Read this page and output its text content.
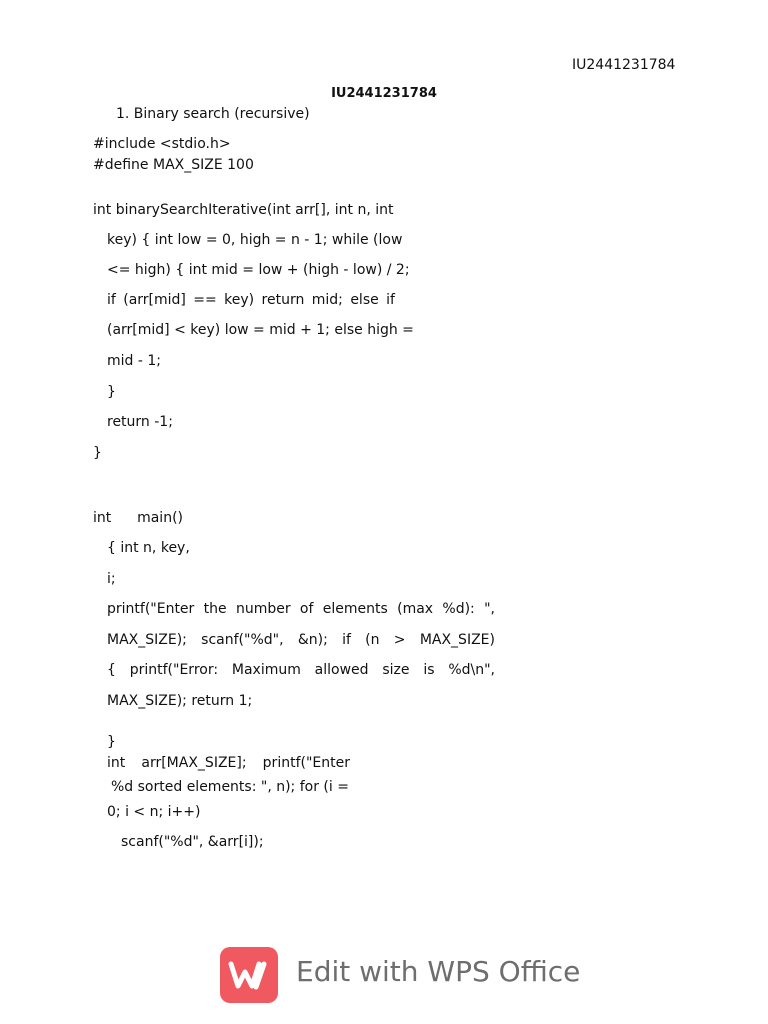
IU2441231784
IU2441231784
1. Binary search (recursive)
#include <stdio.h>
#define MAX_SIZE 100
int binarySearchIterative(int arr[], int n, int
key) { int low = 0, high = n - 1; while (low
<= high) { int mid = low + (high - low) / 2;
if (arr[mid] == key) return mid; else if
(arr[mid] < key) low = mid + 1; else high =
mid - 1;
}
return -1;
}
int main()
{ int n, key,
i;
printf("Enter the number of elements (max %d): ",
MAX_SIZE); scanf("%d", &n); if (n > MAX_SIZE)
{ printf("Error: Maximum allowed size is %d\n",
MAX_SIZE); return 1;
}
int arr[MAX_SIZE]; printf("Enter
%d sorted elements: ", n); for (i =
0; i < n; i++)
scanf("%d", &arr[i]);
Edit with WPS Office
